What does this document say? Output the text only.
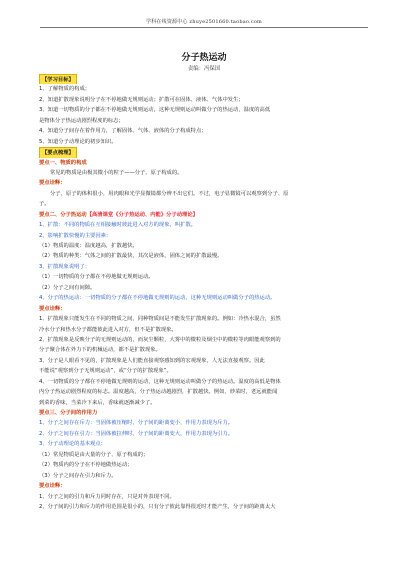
学科在线资源中心 zhuye2501660.taobao.com
分子热运动
责编：冯保国
【学习目标】
1、了解物质的构成；
2、知道扩散现象说明分子在不停地做无规则运动；扩散可在固体、液体、气体中发生；
3、知道一切物质的分子都在不停地做无规则运动，这种无规则运动叫做分子的热运动，温度的高低
是物体分子热运动剧烈程度的标志；
4、知道分子间存在着作用力，了解固体、气体、液体的分子构成特点；
5、知道分子动理论的初步知识。
【要点梳理】
要点一、物质的构成
常见的物质是由极其微小的粒子——分子、原子构成的。
要点诠释：
分子、原子的体积很小，用肉眼和光学显微镜都分辨不出它们。不过，电子显微镜可以观察到分子、原
子。
要点二、分子热运动【高清课堂《分子热运动、内能》分子动理论】
1、扩散：不同的物质在互相接触时彼此进入对方的现象，叫扩散。
2、影响扩散快慢的主要因素：
（1）物质的温度：温度越高，扩散越快。
（2）物质的种类：气体之间的扩散最快，其次是液体，固体之间的扩散最慢。
3、扩散现象说明了：
（1）一切物质的分子都在不停地做无规则运动。
（2）分子之间有间隙。
4、分子的热运动：一切物质的分子都在不停地做无规则的运动，这种无规则运动叫做分子的热运动。
要点诠释：
1、扩散现象只能发生在不同的物质之间，同种物质间是不能发生扩散现象的。例如：冷热水混合，虽然
冷水分子和热水分子都能彼此进入对方，但不是扩散现象。
2、扩散现象是反映分子的无规则运动的，而灰尘颗粒，大雾中的微粒及烟尘中的微粒等肉眼能观察到的
分子聚合体在外力下的机械运动，都不是扩散现象。
3、分子是人眼看不见的，扩散现象是人们能直接观察感知到的宏观现象，人无法直接观察。因此
不能说“观察到分子无规则运动”，或“分子的扩散现象”。
4、一切物质的分子都在不停地做无规则的运动，这种无规则运动叫做分子的热运动。温度的高低是物体
内分子热运动剧烈程度的标志。温度越高，分子热运动越剧烈，扩散越快。例如，炒菜时，老远就能闻
到菜的香味，当菜冷下来后，香味就逐渐减少了。
要点三、分子间的作用力
1、分子之间存在斥力：当固体被压缩时，分子间的距离变小，作用力表现为斥力。
2、分子之间存在引力：当固体被拉伸时，分子间的距离变大，作用力表现为引力。
3、分子动理论的基本观点：
（1）常见物质是由大量的分子、原子构成的；
（2）物质内的分子在不停地做热运动；
（3）分子之间存在引力和斥力。
要点诠释：
1、分子之间的引力和斥力同时存在，只是对外表现不同。
2、分子间的引力和斥力的作用范围是很小的，只有分子彼此靠得很近时才能产生，分子间的距离太大
